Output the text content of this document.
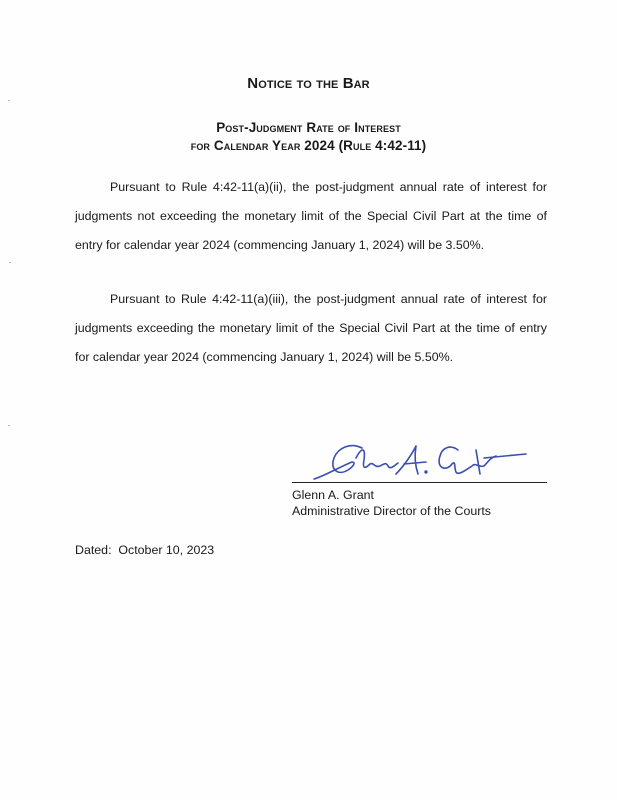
Notice to the Bar
Post-Judgment Rate of Interest
for Calendar Year 2024 (Rule 4:42-11)

Pursuant to Rule 4:42-11(a)(ii), the post-judgment annual rate of interest for judgments not exceeding the monetary limit of the Special Civil Part at the time of entry for calendar year 2024 (commencing January 1, 2024) will be 3.50%.

Pursuant to Rule 4:42-11(a)(iii), the post-judgment annual rate of interest for judgments exceeding the monetary limit of the Special Civil Part at the time of entry for calendar year 2024 (commencing January 1, 2024) will be 5.50%.

Glenn A. Grant
Administrative Director of the Courts
Dated:  October 10, 2023
